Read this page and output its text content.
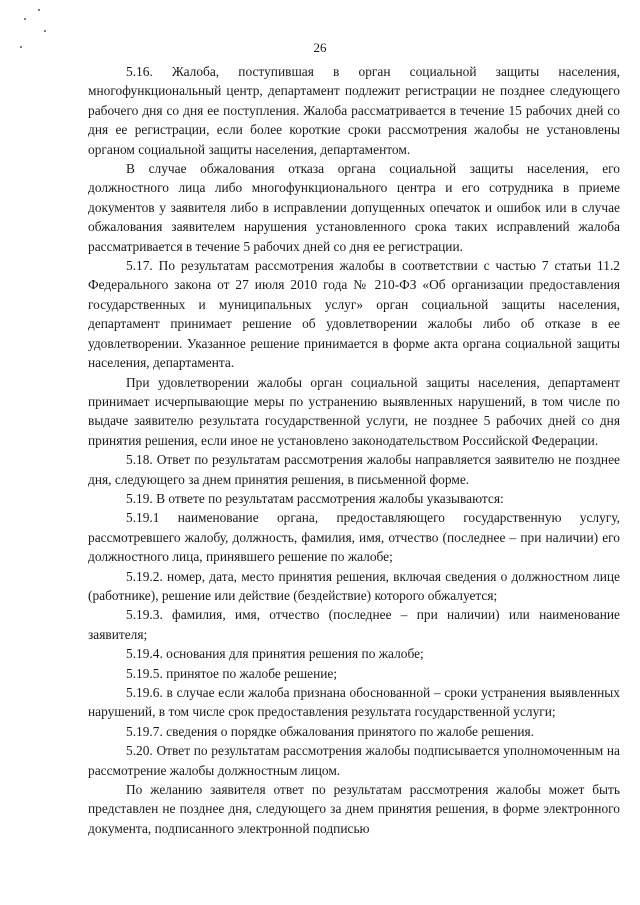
26

5.16. Жалоба, поступившая в орган социальной защиты населения, многофункциональный центр, департамент подлежит регистрации не позднее следующего рабочего дня со дня ее поступления. Жалоба рассматривается в течение 15 рабочих дней со дня ее регистрации, если более короткие сроки рассмотрения жалобы не установлены органом социальной защиты населения, департаментом.

В случае обжалования отказа органа социальной защиты населения, его должностного лица либо многофункционального центра и его сотрудника в приеме документов у заявителя либо в исправлении допущенных опечаток и ошибок или в случае обжалования заявителем нарушения установленного срока таких исправлений жалоба рассматривается в течение 5 рабочих дней со дня ее регистрации.

5.17. По результатам рассмотрения жалобы в соответствии с частью 7 статьи 11.2 Федерального закона от 27 июля 2010 года № 210-ФЗ «Об организации предоставления государственных и муниципальных услуг» орган социальной защиты населения, департамент принимает решение об удовлетворении жалобы либо об отказе в ее удовлетворении. Указанное решение принимается в форме акта органа социальной защиты населения, департамента.

При удовлетворении жалобы орган социальной защиты населения, департамент принимает исчерпывающие меры по устранению выявленных нарушений, в том числе по выдаче заявителю результата государственной услуги, не позднее 5 рабочих дней со дня принятия решения, если иное не установлено законодательством Российской Федерации.

5.18. Ответ по результатам рассмотрения жалобы направляется заявителю не позднее дня, следующего за днем принятия решения, в письменной форме.

5.19. В ответе по результатам рассмотрения жалобы указываются:

5.19.1 наименование органа, предоставляющего государственную услугу, рассмотревшего жалобу, должность, фамилия, имя, отчество (последнее – при наличии) его должностного лица, принявшего решение по жалобе;

5.19.2. номер, дата, место принятия решения, включая сведения о должностном лице (работнике), решение или действие (бездействие) которого обжалуется;

5.19.3. фамилия, имя, отчество (последнее – при наличии) или наименование заявителя;

5.19.4. основания для принятия решения по жалобе;

5.19.5. принятое по жалобе решение;

5.19.6. в случае если жалоба признана обоснованной – сроки устранения выявленных нарушений, в том числе срок предоставления результата государственной услуги;

5.19.7. сведения о порядке обжалования принятого по жалобе решения.

5.20. Ответ по результатам рассмотрения жалобы подписывается уполномоченным на рассмотрение жалобы должностным лицом.

По желанию заявителя ответ по результатам рассмотрения жалобы может быть представлен не позднее дня, следующего за днем принятия решения, в форме электронного документа, подписанного электронной подписью
